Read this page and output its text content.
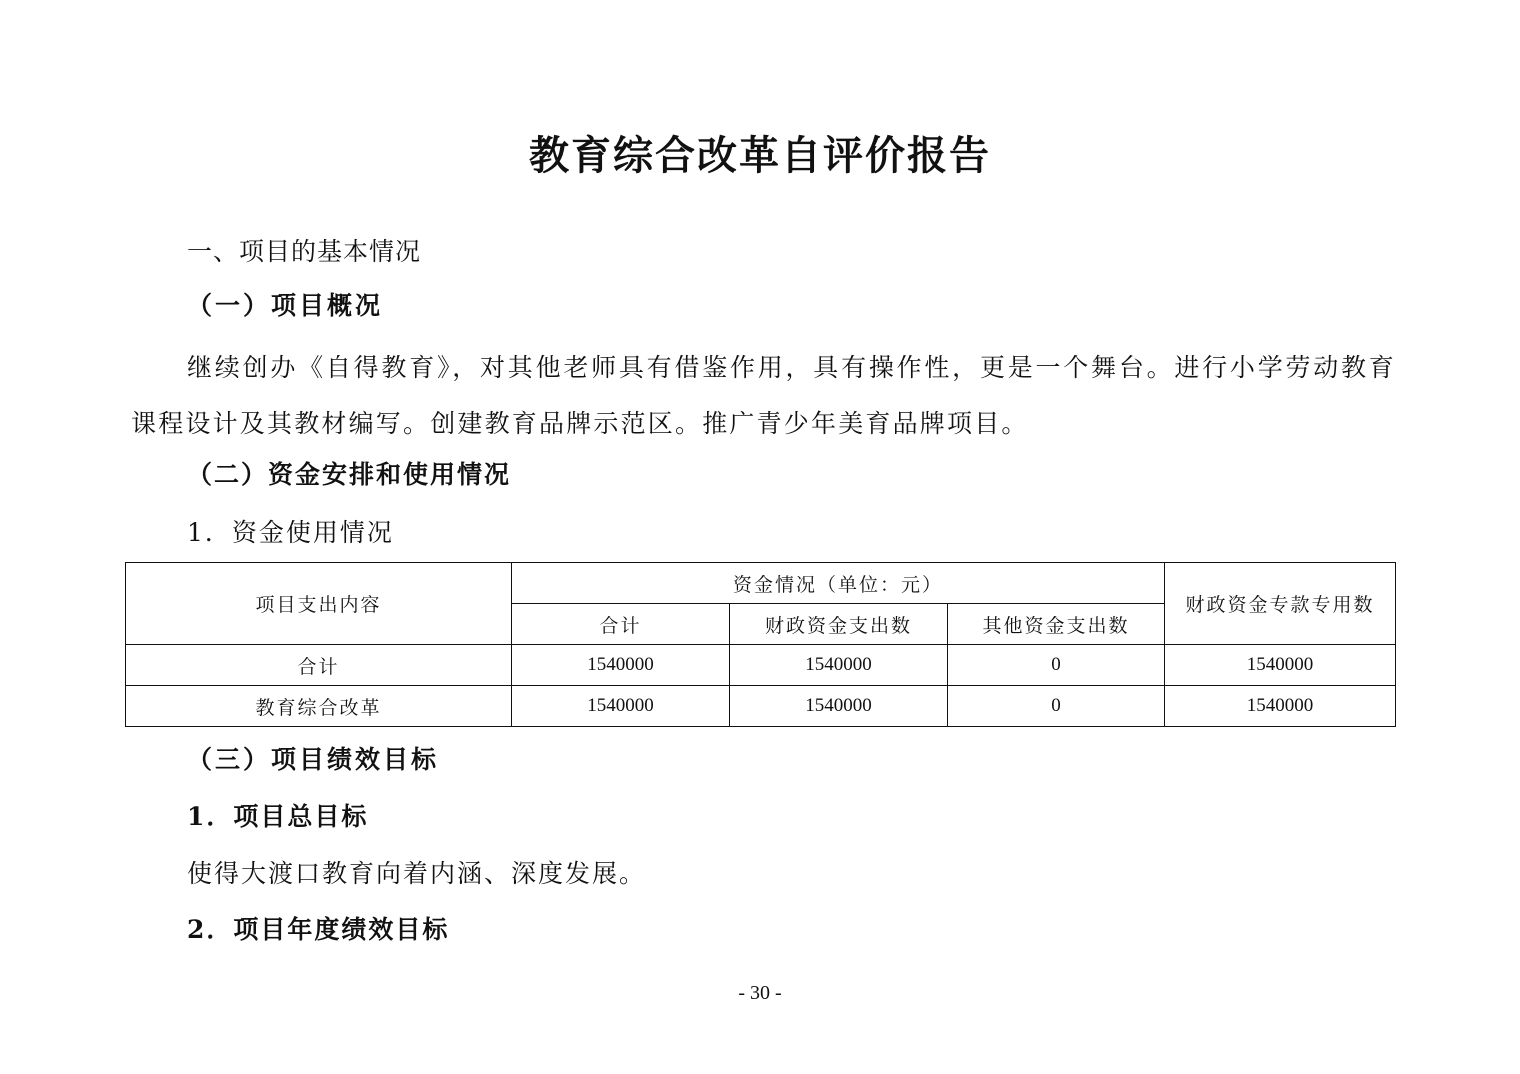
教育综合改革自评价报告
一、项目的基本情况
（一）项目概况
继续创办《自得教育》，对其他老师具有借鉴作用，具有操作性，更是一个舞台。进行小学劳动教育课程设计及其教材编写。创建教育品牌示范区。推广青少年美育品牌项目。
（二）资金安排和使用情况
1．资金使用情况
项目支出内容	资金情况（单位：元）			财政资金专款专用数
	合计	财政资金支出数	其他资金支出数	
合计	1540000	1540000	0	1540000
教育综合改革	1540000	1540000	0	1540000
（三）项目绩效目标
1．项目总目标
使得大渡口教育向着内涵、深度发展。
2．项目年度绩效目标
- 30 -
